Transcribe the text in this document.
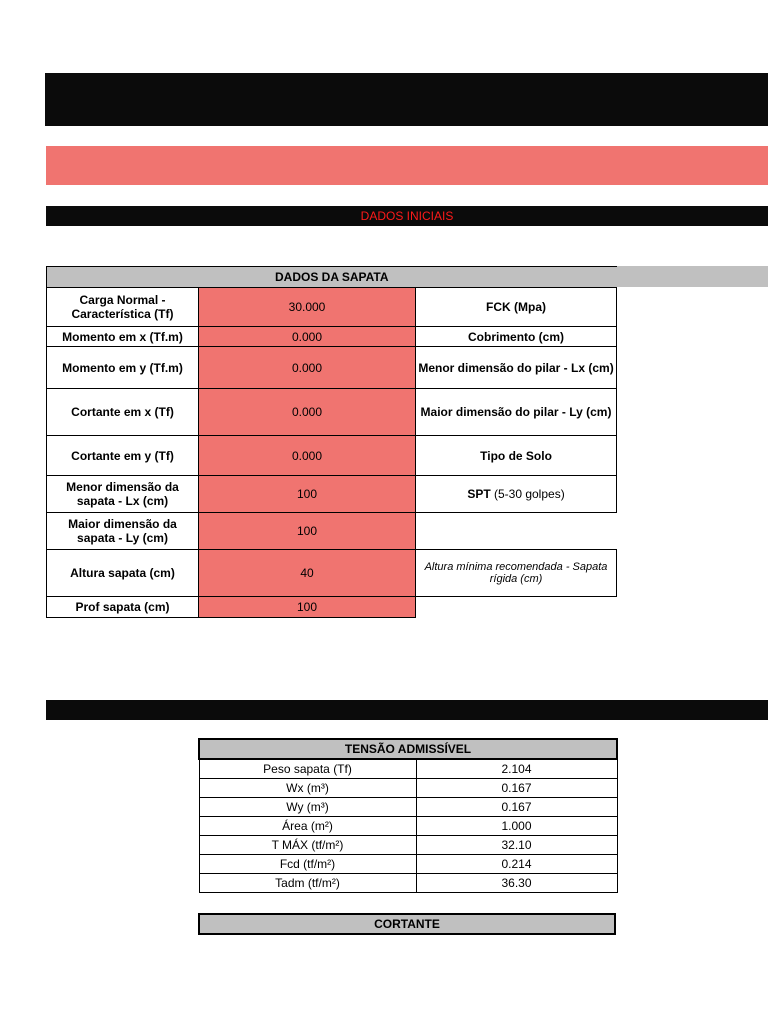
DADOS INICIAIS
DADOS DA SAPATA		
Carga Normal - Característica (Tf)	30.000	FCK (Mpa)
Momento em x (Tf.m)	0.000	Cobrimento (cm)
Momento em y (Tf.m)	0.000	Menor dimensão do pilar - Lx (cm)
Cortante em x (Tf)	0.000	Maior dimensão do pilar - Ly (cm)
Cortante em y (Tf)	0.000	Tipo de Solo
Menor dimensão da sapata - Lx (cm)	100	SPT (5-30 golpes)
Maior dimensão da sapata - Ly (cm)	100	
Altura sapata (cm)	40	Altura mínima recomendada - Sapata rígida (cm)
Prof sapata (cm)	100	
TENSÃO ADMISSÍVEL	
Peso sapata (Tf)	2.104
Wx (m³)	0.167
Wy (m³)	0.167
Área (m²)	1.000
T MÁX (tf/m²)	32.10
Fcd (tf/m²)	0.214
Tadm (tf/m²)	36.30
CORTANTE
